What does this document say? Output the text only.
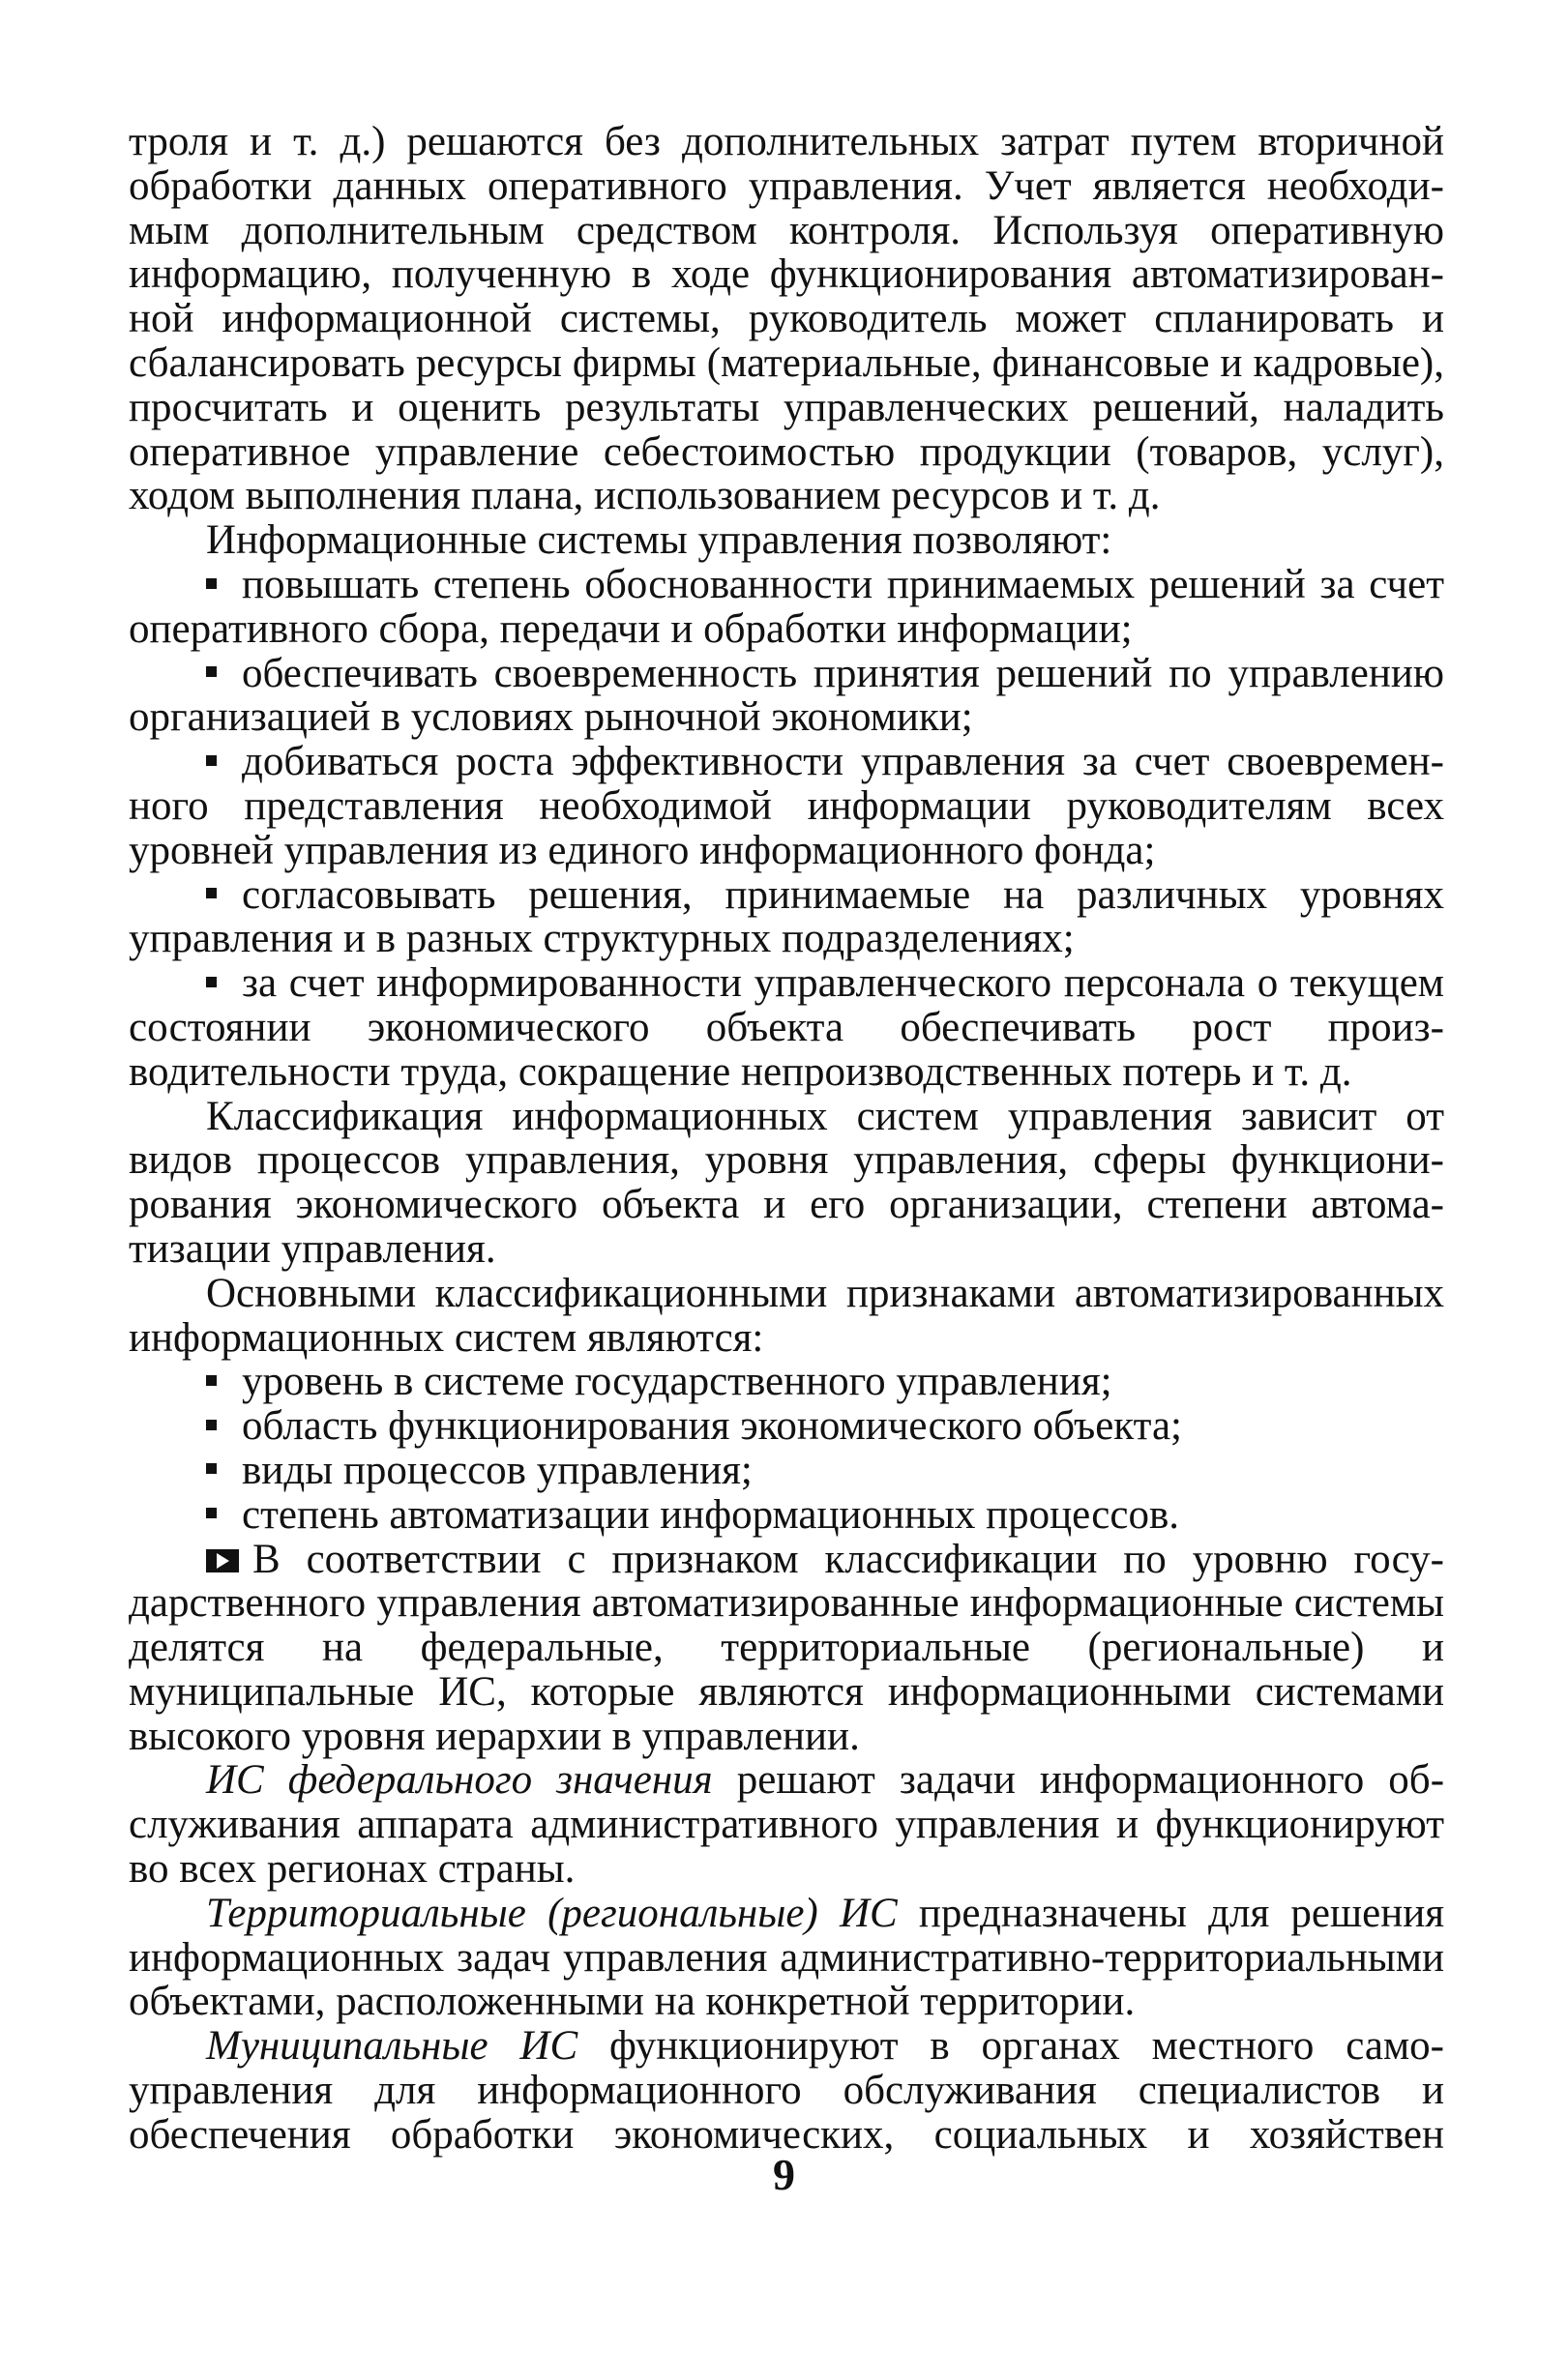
троля и т. д.) решаются без дополнительных затрат путем вторичной обработки данных оперативного управления. Учет является необходимым дополнительным средством контроля. Используя оперативную информацию, полученную в ходе функционирования автоматизированной информационной системы, руководитель может спланировать и сбалансировать ресурсы фирмы (материальные, финансовые и кадровые), просчитать и оценить результаты управленческих решений, наладить оперативное управление себестоимостью продукции (товаров, услуг), ходом выполнения плана, использованием ресурсов и т. д.

Информационные системы управления позволяют:

повышать степень обоснованности принимаемых решений за счет оперативного сбора, передачи и обработки информации;
обеспечивать своевременность принятия решений по управлению организацией в условиях рыночной экономики;
добиваться роста эффективности управления за счет своевременного представления необходимой информации руководителям всех уровней управления из единого информационного фонда;
согласовывать решения, принимаемые на различных уровнях управления и в разных структурных подразделениях;
за счет информированности управленческого персонала о текущем состоянии экономического объекта обеспечивать рост производительности труда, сокращение непроизводственных потерь и т. д.

Классификация информационных систем управления зависит от видов процессов управления, уровня управления, сферы функционирования экономического объекта и его организации, степени автоматизации управления.

Основными классификационными признаками автоматизированных информационных систем являются:

уровень в системе государственного управления;
область функционирования экономического объекта;
виды процессов управления;
степень автоматизации информационных процессов.

В соответствии с признаком классификации по уровню государственного управления автоматизированные информационные системы делятся на федеральные, территориальные (региональные) и муниципальные ИС, которые являются информационными системами высокого уровня иерархии в управлении.

ИС федерального значения решают задачи информационного обслуживания аппарата административного управления и функционируют во всех регионах страны.

Территориальные (региональные) ИС предназначены для решения информационных задач управления административно-территориальными объектами, расположенными на конкретной территории.

Муниципальные ИС функционируют в органах местного самоуправления для информационного обслуживания специалистов и обеспечения обработки экономических, социальных и хозяйствен

9
